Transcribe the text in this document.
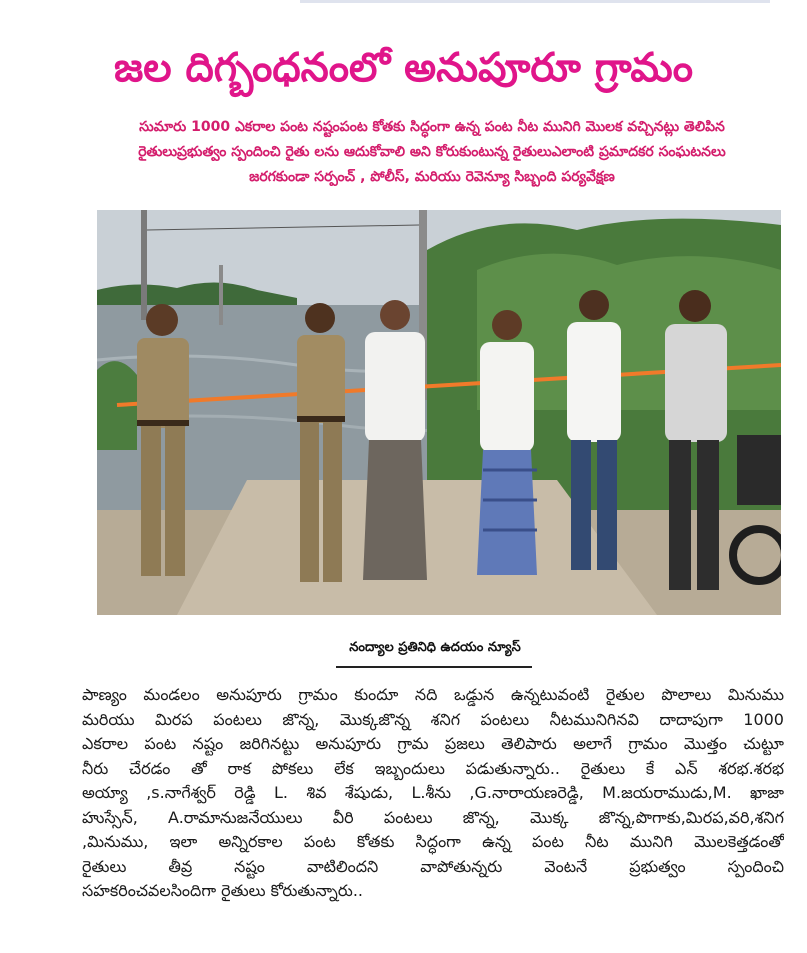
జల దిగ్బంధనంలో అనుపూరూ గ్రామం
సుమారు 1000 ఎకరాల పంట నష్టంపంట కోతకు సిద్ధంగా ఉన్న పంట నీట మునిగి మొలక వచ్చినట్లు తెలిపిన
రైతులుప్రభుత్వం స్పందించి రైతు లను ఆదుకోవాలి అని కోరుకుంటున్న రైతులుఎలాంటి ప్రమాదకర సంఘటనలు
జరగకుండా సర్పంచ్ , పోలీస్, మరియు రెవెన్యూ సిబ్బంది పర్యవేక్షణ
నంద్యాల ప్రతినిధి ఉదయం న్యూస్
పాణ్యం మండలం అనుపూరు గ్రామం కుందూ నది ఒడ్డున ఉన్నటువంటి రైతుల పొలాలు మినుము
మరియు మిరప పంటలు జొన్న, మొక్కజొన్న శనిగ పంటలు నీటమునిగినవి దాదాపుగా 1000
ఎకరాల పంట నష్టం జరిగినట్టు అనుపూరు గ్రామ ప్రజలు తెలిపారు అలాగే గ్రామం మొత్తం చుట్టూ
నీరు చేరడం తో రాక పోకలు లేక ఇబ్బందులు పడుతున్నారు.. రైతులు కే ఎన్ శరభ.శరభ
అయ్యా ,s.నాగేశ్వర్ రెడ్డి L. శివ శేషుడు, L.శీను ,G.నారాయణరెడ్డి, M.జయరాముడు,M. ఖాజా
హుస్సేన్, A.రామానుజనేయులు వీరి పంటలు జొన్న, మొక్క జొన్న,పొగాకు,మిరప,వరి,శనిగ
,మినుము, ఇలా అన్నిరకాల పంట కోతకు సిద్ధంగా ఉన్న పంట నీట మునిగి మొలకెత్తడంతో
రైతులు తీవ్ర నష్టం వాటిలిందని వాపోతున్నరు వెంటనే ప్రభుత్వం స్పందించి
సహకరించవలసిందిగా రైతులు కోరుతున్నారు..
